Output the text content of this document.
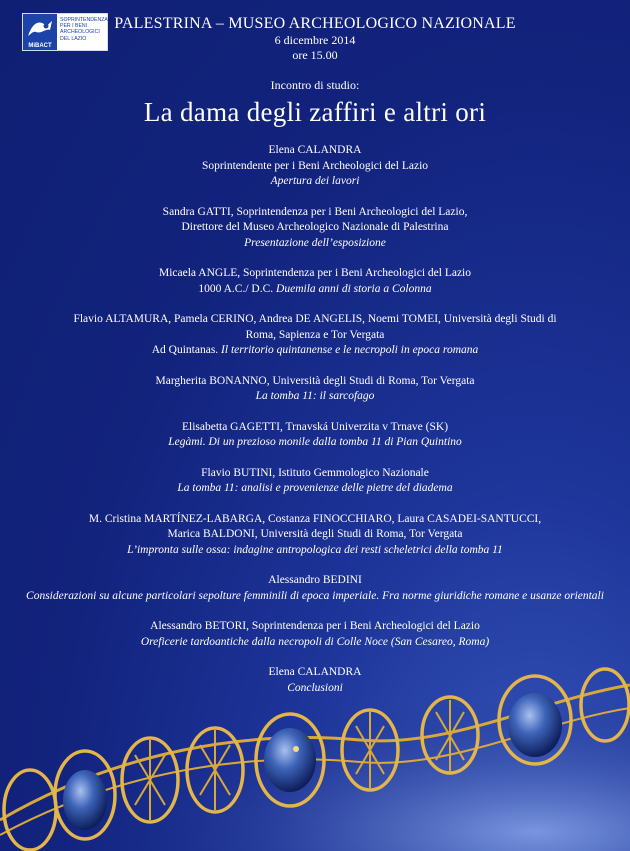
MiBACT
SOPRINTENDENZA
PER I BENI
ARCHEOLOGICI
DEL LAZIO
PALESTRINA – MUSEO ARCHEOLOGICO NAZIONALE
6 dicembre 2014
ore 15.00
Incontro di studio:
La dama degli zaffiri e altri ori
Elena CALANDRA
Soprintendente per i Beni Archeologici del Lazio
Apertura dei lavori
Sandra GATTI, Soprintendenza per i Beni Archeologici del Lazio,
Direttore del Museo Archeologico Nazionale di Palestrina
Presentazione dell’esposizione
Micaela ANGLE, Soprintendenza per i Beni Archeologici del Lazio
1000 A.C./ D.C. Duemila anni di storia a Colonna
Flavio ALTAMURA, Pamela CERINO, Andrea DE ANGELIS, Noemi TOMEI, Università degli Studi di
Roma, Sapienza e Tor Vergata
Ad Quintanas. Il territorio quintanense e le necropoli in epoca romana
Margherita BONANNO, Università degli Studi di Roma, Tor Vergata
La tomba 11: il sarcofago
Elisabetta GAGETTI, Trnavská Univerzita v Trnave (SK)
Legàmi. Di un prezioso monile dalla tomba 11 di Pian Quintino
Flavio BUTINI, Istituto Gemmologico Nazionale
La tomba 11: analisi e provenienze delle pietre del diadema
M. Cristina MARTÍNEZ-LABARGA, Costanza FINOCCHIARO, Laura CASADEI-SANTUCCI,
Marica BALDONI, Università degli Studi di Roma, Tor Vergata
L’impronta sulle ossa: indagine antropologica dei resti scheletrici della tomba 11
Alessandro BEDINI
Considerazioni su alcune particolari sepolture femminili di epoca imperiale. Fra norme giuridiche romane e usanze orientali
Alessandro BETORI, Soprintendenza per i Beni Archeologici del Lazio
Oreficerie tardoantiche dalla necropoli di Colle Noce (San Cesareo, Roma)
